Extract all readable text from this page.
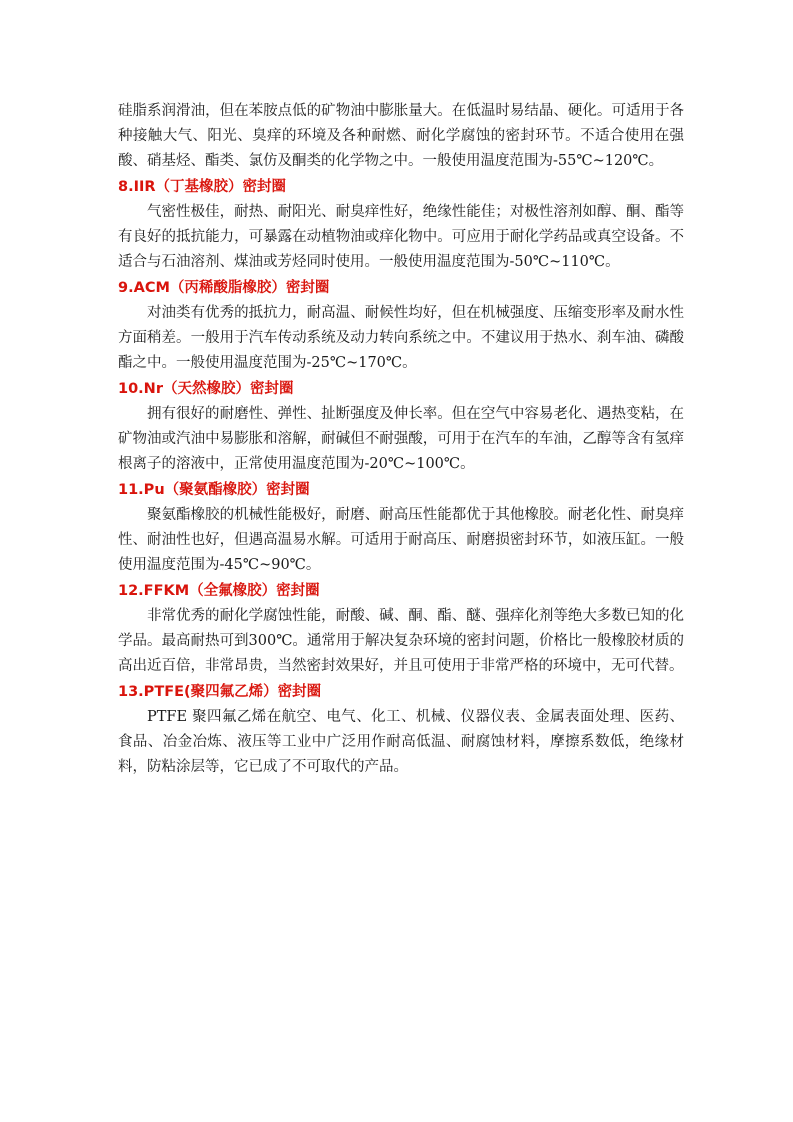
硅脂系润滑油，但在苯胺点低的矿物油中膨胀量大。在低温时易结晶、硬化。可适用于各种接触大气、阳光、臭痒的环境及各种耐燃、耐化学腐蚀的密封环节。不适合使用在强酸、硝基烃、酯类、氯仿及酮类的化学物之中。一般使用温度范围为-55℃~120℃。

8.IIR（丁基橡胶）密封圈

气密性极佳，耐热、耐阳光、耐臭痒性好，绝缘性能佳；对极性溶剂如醇、酮、酯等有良好的抵抗能力，可暴露在动植物油或痒化物中。可应用于耐化学药品或真空设备。不适合与石油溶剂、煤油或芳烃同时使用。一般使用温度范围为-50℃~110℃。

9.ACM（丙稀酸脂橡胶）密封圈

对油类有优秀的抵抗力，耐高温、耐候性均好，但在机械强度、压缩变形率及耐水性方面稍差。一般用于汽车传动系统及动力转向系统之中。不建议用于热水、刹车油、磷酸酯之中。一般使用温度范围为-25℃~170℃。

10.Nr（天然橡胶）密封圈

拥有很好的耐磨性、弹性、扯断强度及伸长率。但在空气中容易老化、遇热变粘，在矿物油或汽油中易膨胀和溶解，耐碱但不耐强酸，可用于在汽车的车油，乙醇等含有氢痒根离子的溶液中，正常使用温度范围为-20℃~100℃。

11.Pu（聚氨酯橡胶）密封圈

聚氨酯橡胶的机械性能极好，耐磨、耐高压性能都优于其他橡胶。耐老化性、耐臭痒性、耐油性也好，但遇高温易水解。可适用于耐高压、耐磨损密封环节，如液压缸。一般使用温度范围为-45℃~90℃。

12.FFKM（全氟橡胶）密封圈

非常优秀的耐化学腐蚀性能，耐酸、碱、酮、酯、醚、强痒化剂等绝大多数已知的化学品。最高耐热可到300℃。通常用于解决复杂环境的密封问题，价格比一般橡胶材质的高出近百倍，非常昂贵，当然密封效果好，并且可使用于非常严格的环境中，无可代替。

13.PTFE(聚四氟乙烯）密封圈

PTFE 聚四氟乙烯在航空、电气、化工、机械、仪器仪表、金属表面处理、医药、食品、冶金冶炼、液压等工业中广泛用作耐高低温、耐腐蚀材料，摩擦系数低，绝缘材料，防粘涂层等，它已成了不可取代的产品。
